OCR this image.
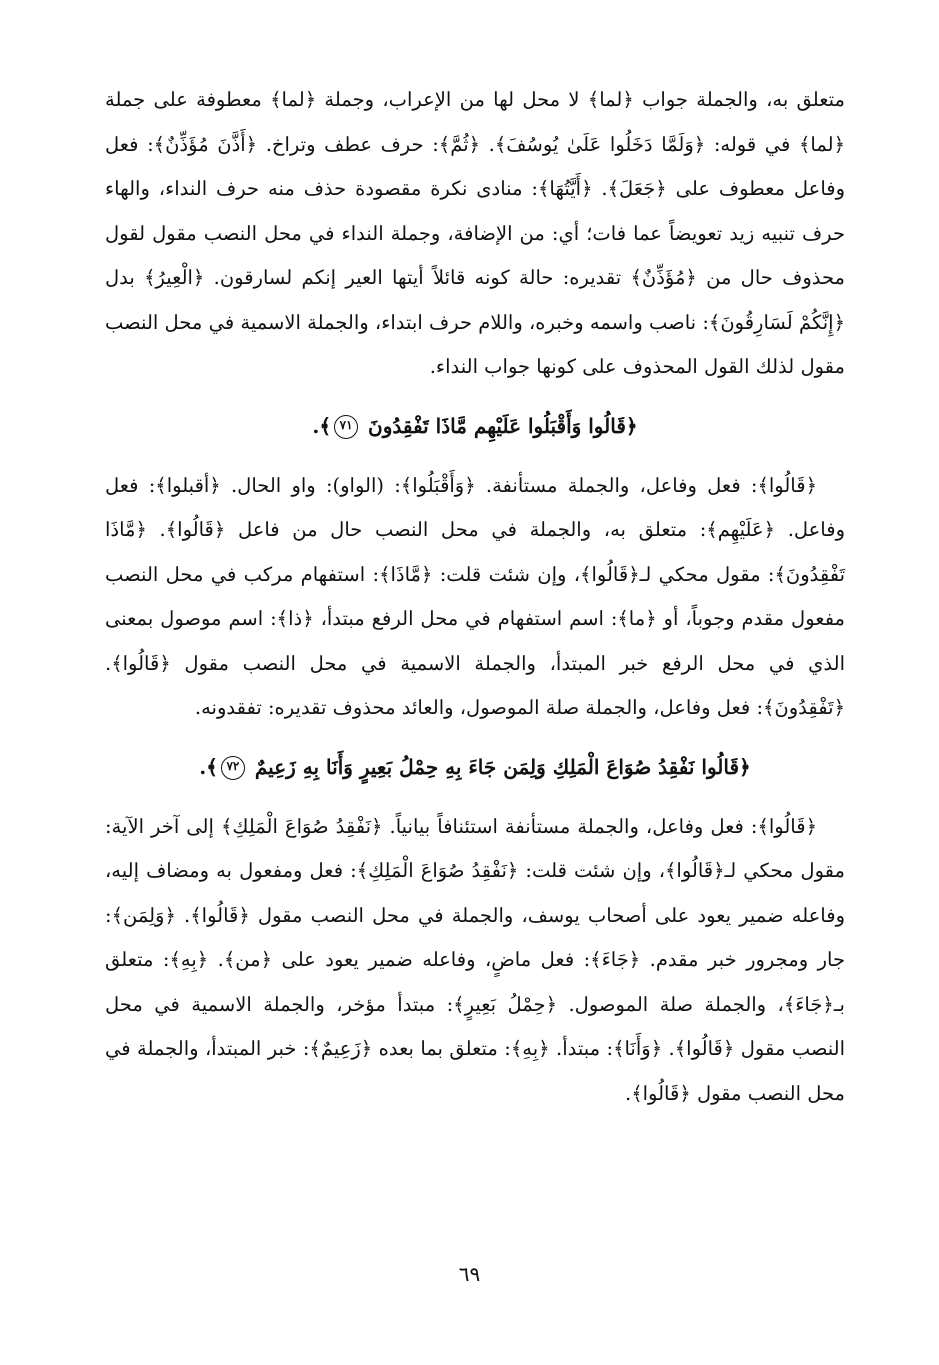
متعلق به، والجملة جواب ﴿لما﴾ لا محل لها من الإعراب، وجملة ﴿لما﴾ معطوفة على جملة ﴿لما﴾ في قوله: ﴿وَلَمَّا دَخَلُوا عَلَىٰ يُوسُفَ﴾. ﴿ثُمَّ﴾: حرف عطف وتراخ. ﴿أَذَّنَ مُؤَذِّنٌ﴾: فعل وفاعل معطوف على ﴿جَعَلَ﴾. ﴿أَيَّتُهَا﴾: منادى نكرة مقصودة حذف منه حرف النداء، والهاء حرف تنبيه زيد تعويضاً عما فات؛ أي: من الإضافة، وجملة النداء في محل النصب مقول لقول محذوف حال من ﴿مُؤَذِّنٌ﴾ تقديره: حالة كونه قائلاً أيتها العير إنكم لسارقون. ﴿الْعِيرُ﴾ بدل ﴿إِنَّكُمْ لَسَارِقُونَ﴾: ناصب واسمه وخبره، واللام حرف ابتداء، والجملة الاسمية في محل النصب مقول لذلك القول المحذوف على كونها جواب النداء.

﴿قَالُوا وَأَقْبَلُوا عَلَيْهِم مَّاذَا تَفْقِدُونَ ٧١﴾.

﴿قَالُوا﴾: فعل وفاعل، والجملة مستأنفة. ﴿وَأَقْبَلُوا﴾: (الواو): واو الحال. ﴿أقبلوا﴾: فعل وفاعل. ﴿عَلَيْهِم﴾: متعلق به، والجملة في محل النصب حال من فاعل ﴿قَالُوا﴾. ﴿مَّاذَا تَفْقِدُونَ﴾: مقول محكي لـ﴿قَالُوا﴾، وإن شئت قلت: ﴿مَّاذَا﴾: استفهام مركب في محل النصب مفعول مقدم وجوباً، أو ﴿ما﴾: اسم استفهام في محل الرفع مبتدأ، ﴿ذا﴾: اسم موصول بمعنى الذي في محل الرفع خبر المبتدأ، والجملة الاسمية في محل النصب مقول ﴿قَالُوا﴾. ﴿تَفْقِدُونَ﴾: فعل وفاعل، والجملة صلة الموصول، والعائد محذوف تقديره: تفقدونه.

﴿قَالُوا نَفْقِدُ صُوَاعَ الْمَلِكِ وَلِمَن جَاءَ بِهِ حِمْلُ بَعِيرٍ وَأَنَا بِهِ زَعِيمٌ ٧٢﴾.

﴿قَالُوا﴾: فعل وفاعل، والجملة مستأنفة استئنافاً بيانياً. ﴿نَفْقِدُ صُوَاعَ الْمَلِكِ﴾ إلى آخر الآية: مقول محكي لـ﴿قَالُوا﴾، وإن شئت قلت: ﴿نَفْقِدُ صُوَاعَ الْمَلِكِ﴾: فعل ومفعول به ومضاف إليه، وفاعله ضمير يعود على أصحاب يوسف، والجملة في محل النصب مقول ﴿قَالُوا﴾. ﴿وَلِمَن﴾: جار ومجرور خبر مقدم. ﴿جَاءَ﴾: فعل ماضٍ، وفاعله ضمير يعود على ﴿من﴾. ﴿بِهِ﴾: متعلق بـ﴿جَاءَ﴾، والجملة صلة الموصول. ﴿حِمْلُ بَعِيرٍ﴾: مبتدأ مؤخر، والجملة الاسمية في محل النصب مقول ﴿قَالُوا﴾. ﴿وَأَنَا﴾: مبتدأ. ﴿بِهِ﴾: متعلق بما بعده ﴿زَعِيمٌ﴾: خبر المبتدأ، والجملة في محل النصب مقول ﴿قَالُوا﴾.

٦٩
